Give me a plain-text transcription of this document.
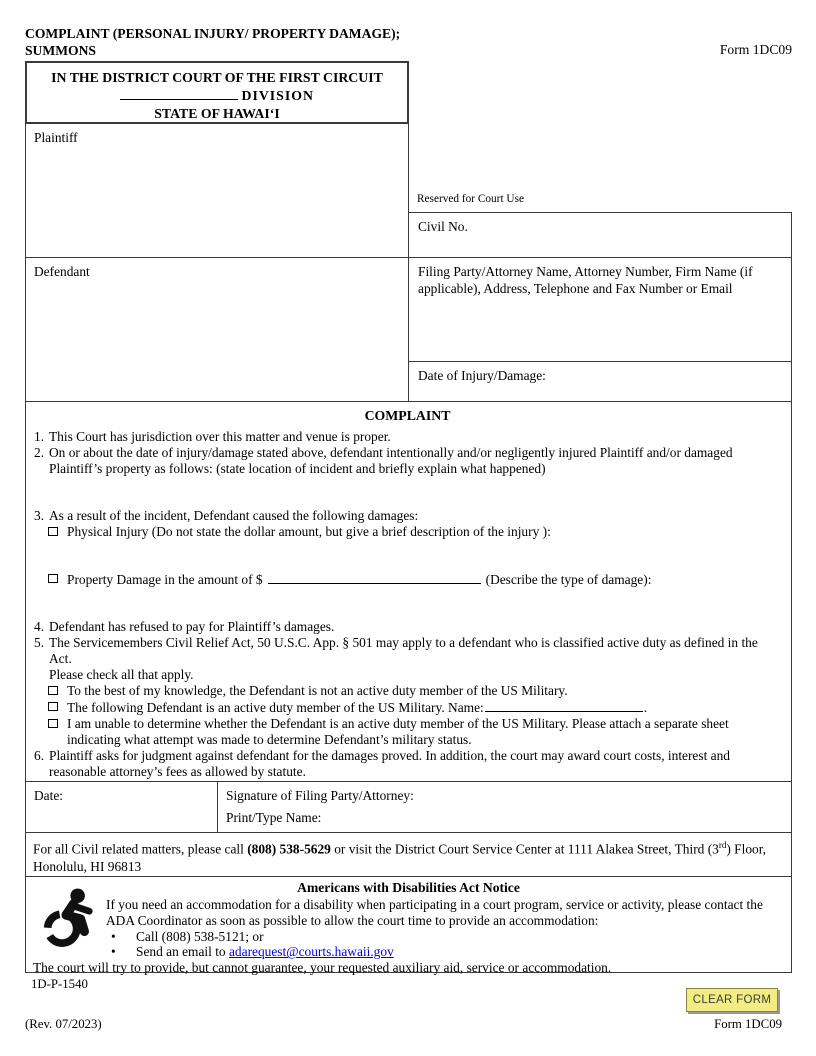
COMPLAINT (PERSONAL INJURY/ PROPERTY DAMAGE);
SUMMONS	Form 1DC09
IN THE DISTRICT COURT OF THE FIRST CIRCUIT
DIVISION
STATE OF HAWAIʻI
Plaintiff
Defendant
Reserved for Court Use
Civil No.
Filing Party/Attorney Name, Attorney Number, Firm Name (if applicable), Address, Telephone and Fax Number or Email
Date of Injury/Damage:
COMPLAINT
1. This Court has jurisdiction over this matter and venue is proper.
2. On or about the date of injury/damage stated above, defendant intentionally and/or negligently injured Plaintiff and/or damaged Plaintiff’s property as follows: (state location of incident and briefly explain what happened)
3. As a result of the incident, Defendant caused the following damages:
Physical Injury (Do not state the dollar amount, but give a brief description of the injury ):
Property Damage in the amount of $	(Describe the type of damage):
4. Defendant has refused to pay for Plaintiff’s damages.
5. The Servicemembers Civil Relief Act, 50 U.S.C. App. § 501 may apply to a defendant who is classified active duty as defined in the Act.
Please check all that apply.
To the best of my knowledge, the Defendant is not an active duty member of the US Military.
The following Defendant is an active duty member of the US Military. Name:	.
I am unable to determine whether the Defendant is an active duty member of the US Military. Please attach a separate sheet indicating what attempt was made to determine Defendant’s military status.
6. Plaintiff asks for judgment against defendant for the damages proved. In addition, the court may award court costs, interest and
reasonable attorney’s fees as allowed by statute.
Date:	Signature of Filing Party/Attorney:
Print/Type Name:
For all Civil related matters, please call (808) 538-5629 or visit the District Court Service Center at 1111 Alakea Street, Third (3rd) Floor, Honolulu, HI 96813
Americans with Disabilities Act Notice
If you need an accommodation for a disability when participating in a court program, service or activity, please contact the ADA Coordinator as soon as possible to allow the court time to provide an accommodation:
•	Call (808) 538-5121; or
•	Send an email to adarequest@courts.hawaii.gov
The court will try to provide, but cannot guarantee, your requested auxiliary aid, service or accommodation.
1D-P-1540
CLEAR FORM
(Rev. 07/2023)	Form 1DC09
